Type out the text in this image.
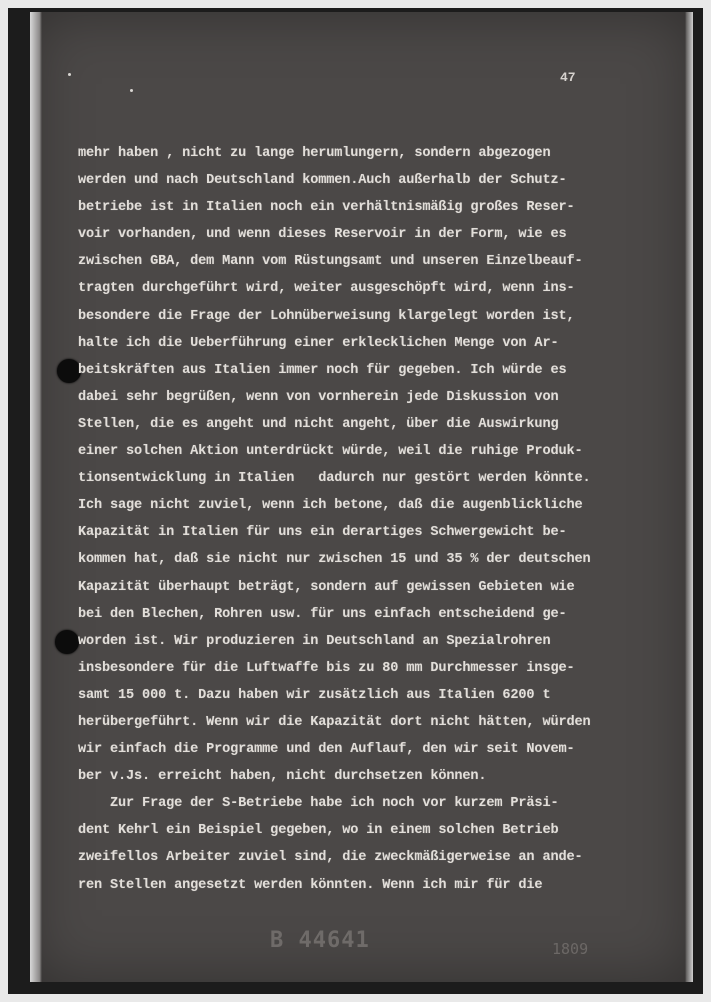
47
mehr haben , nicht zu lange herumlungern, sondern abgezogen
werden und nach Deutschland kommen.Auch außerhalb der Schutz-
betriebe ist in Italien noch ein verhältnismäßig großes Reser-
voir vorhanden, und wenn dieses Reservoir in der Form, wie es
zwischen GBA, dem Mann vom Rüstungsamt und unseren Einzelbeauf-
tragten durchgeführt wird, weiter ausgeschöpft wird, wenn ins-
besondere die Frage der Lohnüberweisung klargelegt worden ist,
halte ich die Ueberführung einer erklecklichen Menge von Ar-
beitskräften aus Italien immer noch für gegeben. Ich würde es
dabei sehr begrüßen, wenn von vornherein jede Diskussion von
Stellen, die es angeht und nicht angeht, über die Auswirkung
einer solchen Aktion unterdrückt würde, weil die ruhige Produk-
tionsentwicklung in Italien   dadurch nur gestört werden könnte.
Ich sage nicht zuviel, wenn ich betone, daß die augenblickliche
Kapazität in Italien für uns ein derartiges Schwergewicht be-
kommen hat, daß sie nicht nur zwischen 15 und 35 % der deutschen
Kapazität überhaupt beträgt, sondern auf gewissen Gebieten wie
bei den Blechen, Rohren usw. für uns einfach entscheidend ge-
worden ist. Wir produzieren in Deutschland an Spezialrohren
insbesondere für die Luftwaffe bis zu 80 mm Durchmesser insge-
samt 15 000 t. Dazu haben wir zusätzlich aus Italien 6200 t
herübergeführt. Wenn wir die Kapazität dort nicht hätten, würden
wir einfach die Programme und den Auflauf, den wir seit Novem-
ber v.Js. erreicht haben, nicht durchsetzen können.
Zur Frage der S-Betriebe habe ich noch vor kurzem Präsi-
dent Kehrl ein Beispiel gegeben, wo in einem solchen Betrieb
zweifellos Arbeiter zuviel sind, die zweckmäßigerweise an ande-
ren Stellen angesetzt werden könnten. Wenn ich mir für die
B 44641	1809
